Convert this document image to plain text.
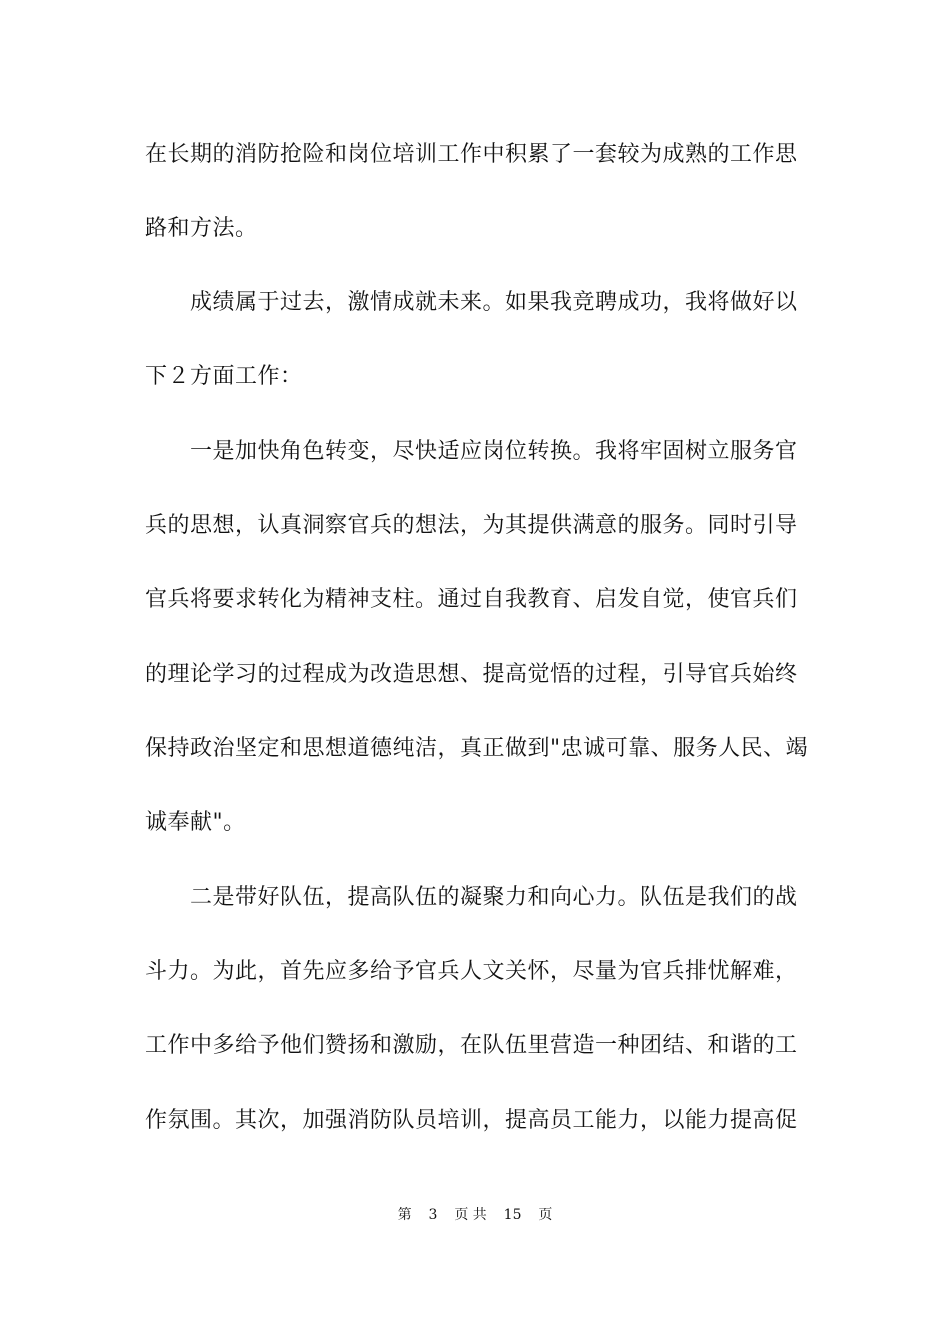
在长期的消防抢险和岗位培训工作中积累了一套较为成熟的工作思
路和方法。
　　成绩属于过去，激情成就未来。如果我竞聘成功，我将做好以
下２方面工作：
　　一是加快角色转变，尽快适应岗位转换。我将牢固树立服务官
兵的思想，认真洞察官兵的想法，为其提供满意的服务。同时引导
官兵将要求转化为精神支柱。通过自我教育、启发自觉，使官兵们
的理论学习的过程成为改造思想、提高觉悟的过程，引导官兵始终
保持政治坚定和思想道德纯洁，真正做到"忠诚可靠、服务人民、竭
诚奉献"。
　　二是带好队伍，提高队伍的凝聚力和向心力。队伍是我们的战
斗力。为此，首先应多给予官兵人文关怀，尽量为官兵排忧解难，
工作中多给予他们赞扬和激励，在队伍里营造一种团结、和谐的工
作氛围。其次，加强消防队员培训，提高员工能力，以能力提高促
第 3 页 共 15 页
